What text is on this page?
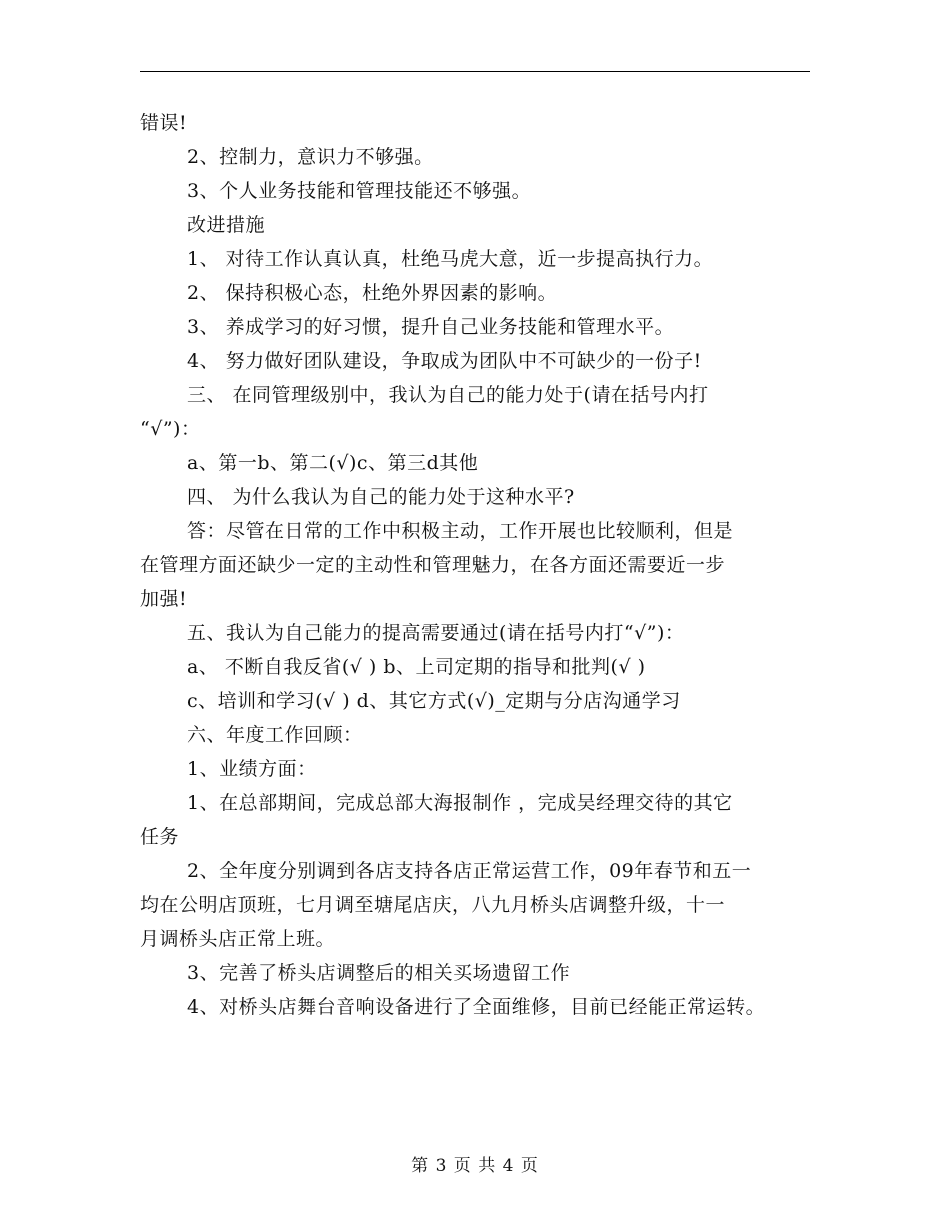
错误!
2、控制力，意识力不够强。
3、个人业务技能和管理技能还不够强。
改进措施
1、 对待工作认真认真，杜绝马虎大意，近一步提高执行力。
2、 保持积极心态，杜绝外界因素的影响。
3、 养成学习的好习惯，提升自己业务技能和管理水平。
4、 努力做好团队建设，争取成为团队中不可缺少的一份子!
三、 在同管理级别中，我认为自己的能力处于(请在括号内打
“√”)：
a、第一b、第二(√)c、第三d其他
四、 为什么我认为自己的能力处于这种水平?
答：尽管在日常的工作中积极主动，工作开展也比较顺利，但是
在管理方面还缺少一定的主动性和管理魅力，在各方面还需要近一步
加强!
五、我认为自己能力的提高需要通过(请在括号内打“√”)：
a、 不断自我反省(√ ) b、上司定期的指导和批判(√ )
c、培训和学习(√ ) d、其它方式(√)_定期与分店沟通学习
六、年度工作回顾：
1、业绩方面：
1、在总部期间，完成总部大海报制作 ，完成吴经理交待的其它
任务
2、全年度分别调到各店支持各店正常运营工作，09年春节和五一
均在公明店顶班，七月调至塘尾店庆，八九月桥头店调整升级，十一
月调桥头店正常上班。
3、完善了桥头店调整后的相关买场遗留工作
4、对桥头店舞台音响设备进行了全面维修，目前已经能正常运转。
第 3 页 共 4 页
